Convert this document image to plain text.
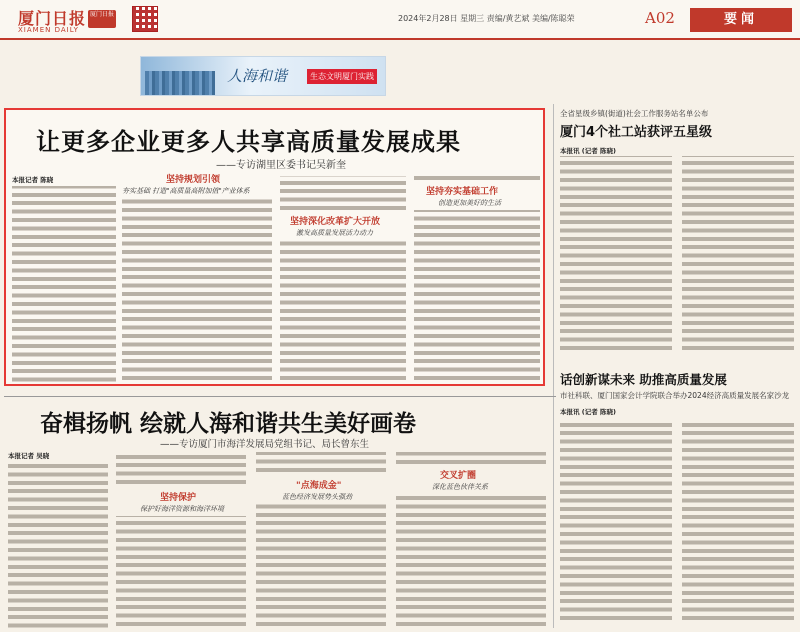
厦门日报
XIAMEN DAILY
厦门日报	2024年2月28日 星期三 责编/黄艺斌 美编/陈聪荣	A02	要闻
人海和谐	生态文明厦门实践
让更多企业更多人共享高质量发展成果
——专访湖里区委书记吴新奎
本报记者 陈晓	坚持规划引领
夯实基础 打造"高质量高附加值"产业体系
坚持深化改革扩大开放
激发高质量发展活力动力
坚持夯实基础工作
创造更加美好的生活
全省星级乡镇(街道)社会工作服务站名单公布
厦门4个社工站获评五星级
本报讯 (记者 陈晓)
话创新谋未来 助推高质量发展
市社科联、厦门国家会计学院联合举办2024经济高质量发展名家沙龙
本报讯 (记者 陈晓)
奋楫扬帆 绘就人海和谐共生美好画卷
——专访厦门市海洋发展局党组书记、局长曾东生
本报记者 吴晓
坚持保护
保护好海洋资源和海洋环境
"点海成金"
蓝色经济发展势头强劲
交叉扩圈
深化蓝色伙伴关系
